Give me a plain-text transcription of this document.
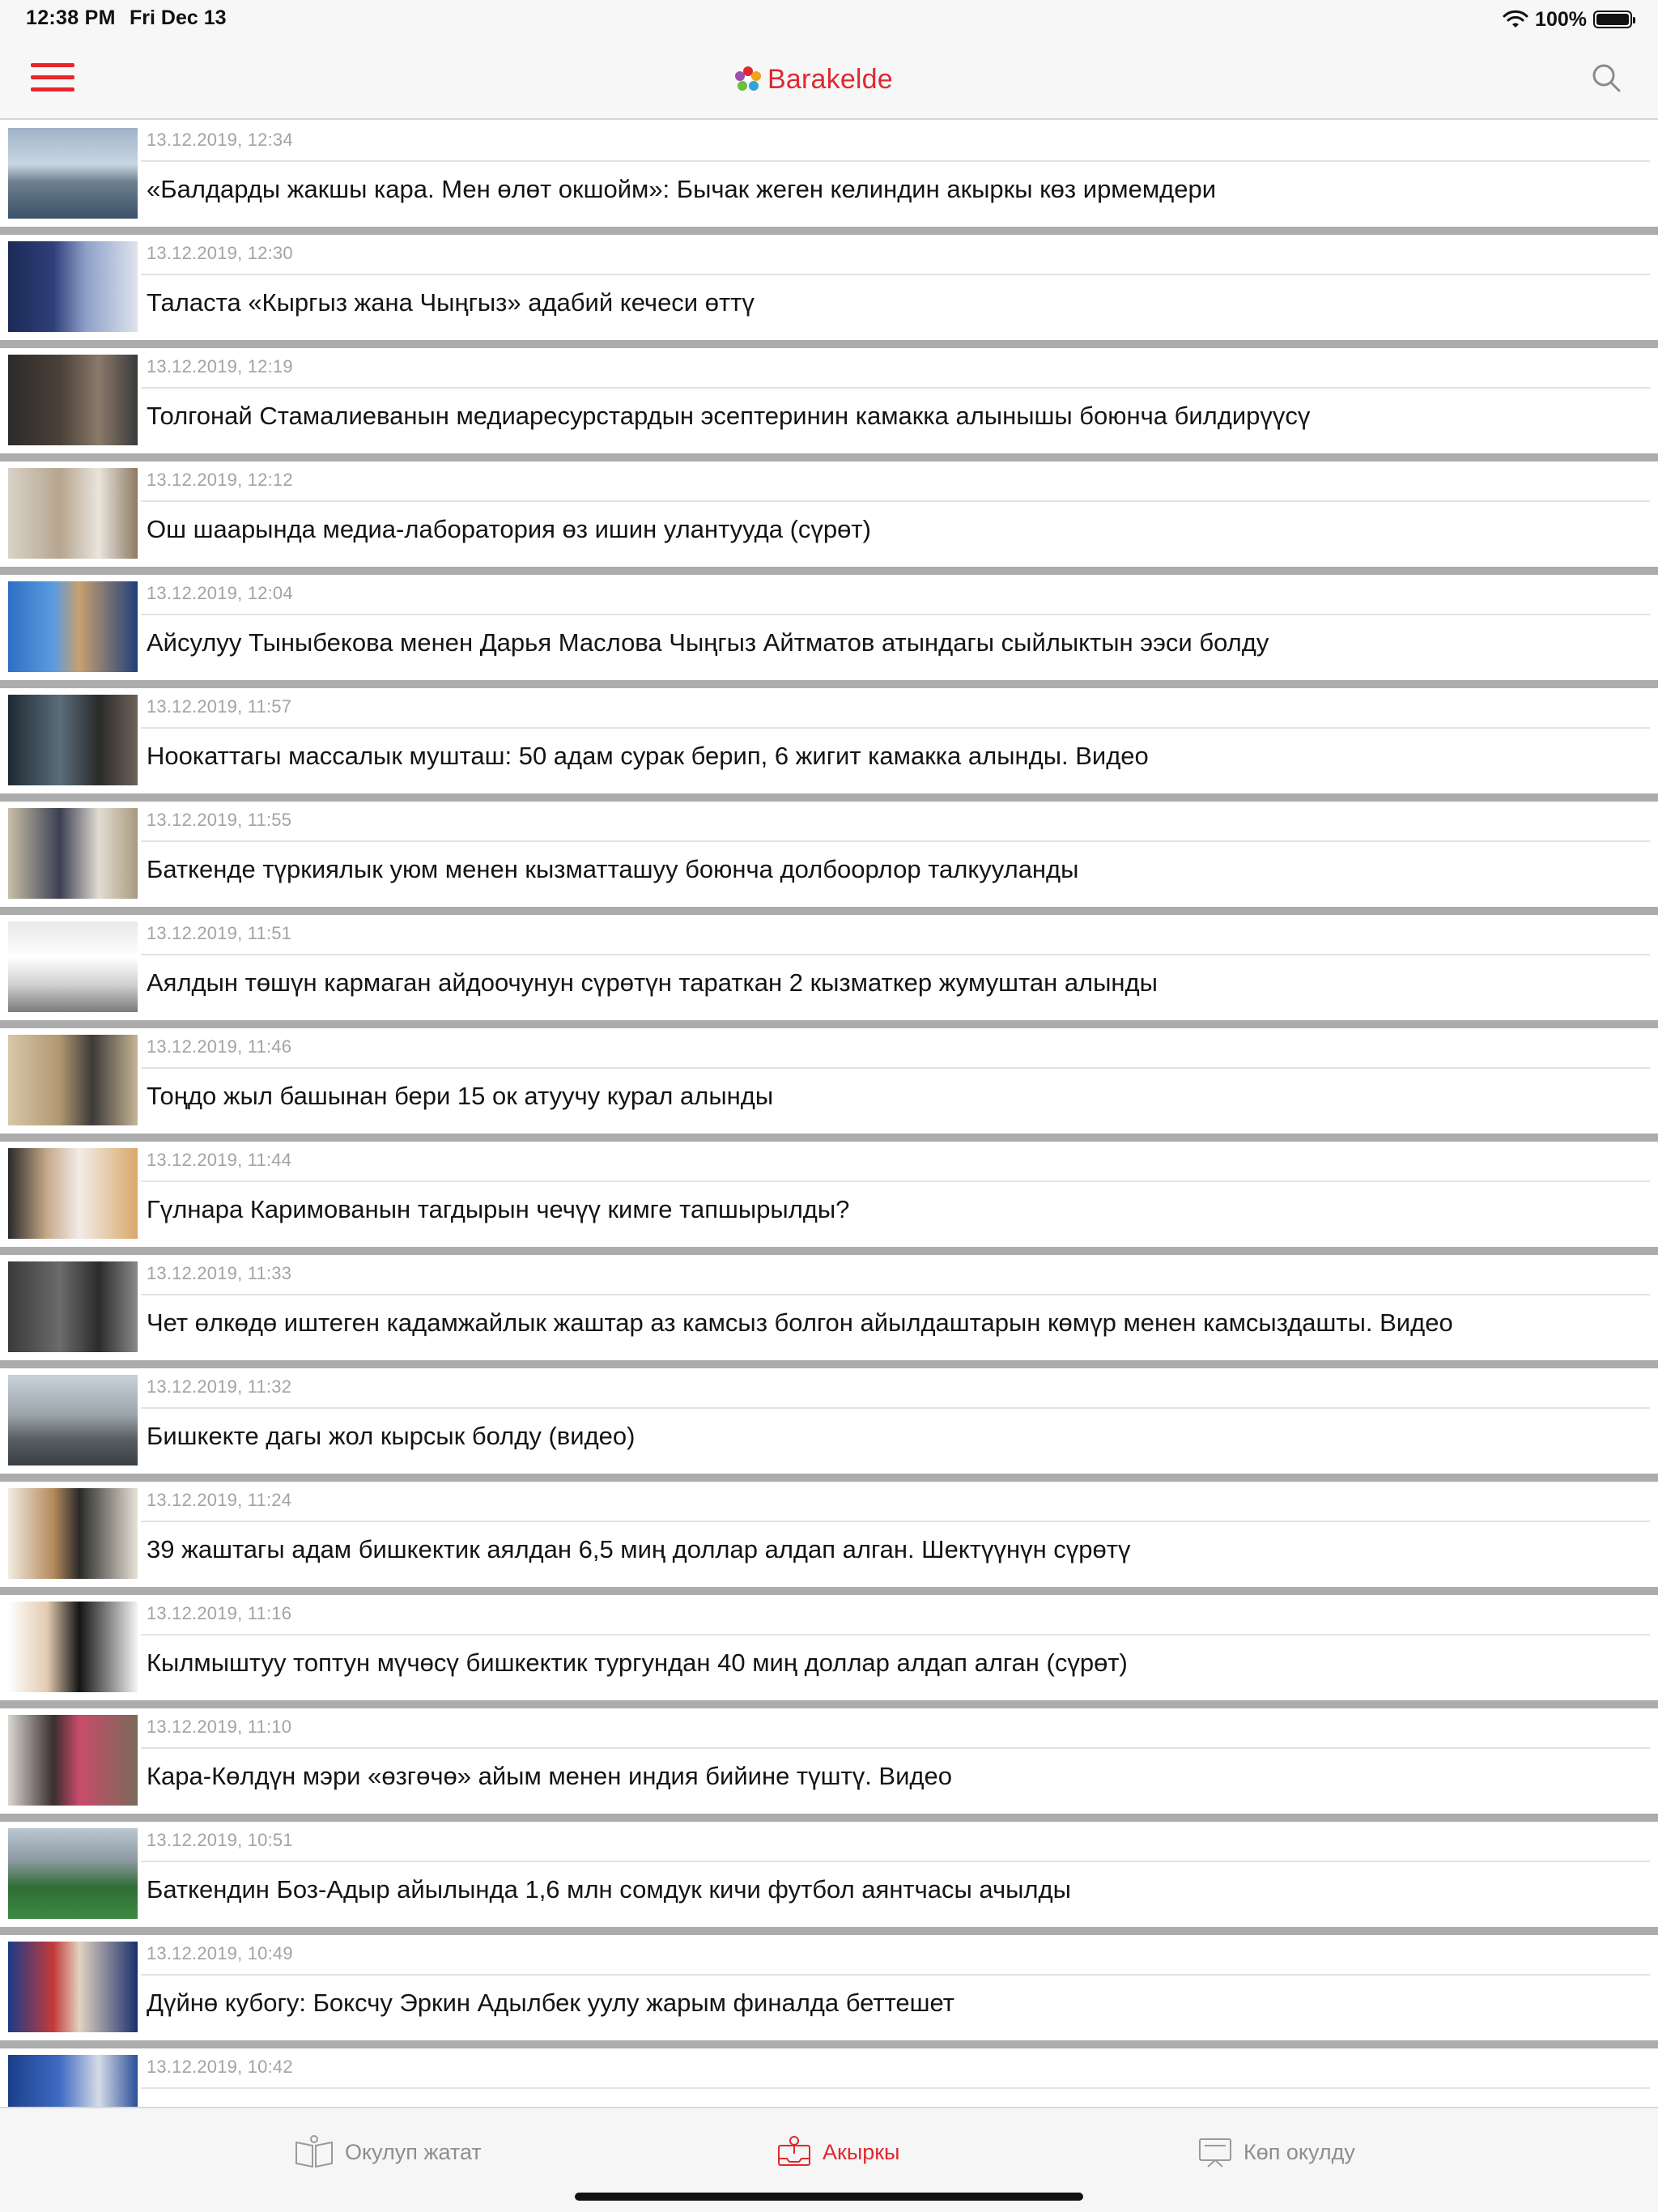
12:38 PM Fri Dec 13	100%
Barakelde
13.12.2019, 12:34
«Балдарды жакшы кара. Мен өлөт окшойм»: Бычак жеген келиндин акыркы көз ирмемдери
13.12.2019, 12:30
Таласта «Кыргыз жана Чыңгыз» адабий кечеси өттү
13.12.2019, 12:19
Толгонай Стамалиеванын медиаресурстардын эсептеринин камакка алынышы боюнча билдирүүсү
13.12.2019, 12:12
Ош шаарында медиа-лаборатория өз ишин улантууда (сүрөт)
13.12.2019, 12:04
Айсулуу Тыныбекова менен Дарья Маслова Чыңгыз Айтматов атындагы сыйлыктын ээси болду
13.12.2019, 11:57
Ноокаттагы массалык мушташ: 50 адам сурак берип, 6 жигит камакка алынды. Видео
13.12.2019, 11:55
Баткенде түркиялык уюм менен кызматташуу боюнча долбоорлор талкууланды
13.12.2019, 11:51
Аялдын төшүн кармаган айдоочунун сүрөтүн тараткан 2 кызматкер жумуштан алынды
13.12.2019, 11:46
Тоңдо жыл башынан бери 15 ок атуучу курал алынды
13.12.2019, 11:44
Гүлнара Каримованын тагдырын чечүү кимге тапшырылды?
13.12.2019, 11:33
Чет өлкөдө иштеген кадамжайлык жаштар аз камсыз болгон айылдаштарын көмүр менен камсыздашты. Видео
13.12.2019, 11:32
Бишкекте дагы жол кырсык болду (видео)
13.12.2019, 11:24
39 жаштагы адам бишкектик аялдан 6,5 миң доллар алдап алган. Шектүүнүн сүрөтү
13.12.2019, 11:16
Кылмыштуу топтун мүчөсү бишкектик тургундан 40 миң доллар алдап алган (сүрөт)
13.12.2019, 11:10
Кара-Көлдүн мэри «өзгөчө» айым менен индия бийине түштү. Видео
13.12.2019, 10:51
Баткендин Боз-Адыр айылында 1,6 млн сомдук кичи футбол аянтчасы ачылды
13.12.2019, 10:49
Дүйнө кубогу: Боксчу Эркин Адылбек уулу жарым финалда беттешет
13.12.2019, 10:42
Окулуп жатат	Акыркы	Көп окулду
